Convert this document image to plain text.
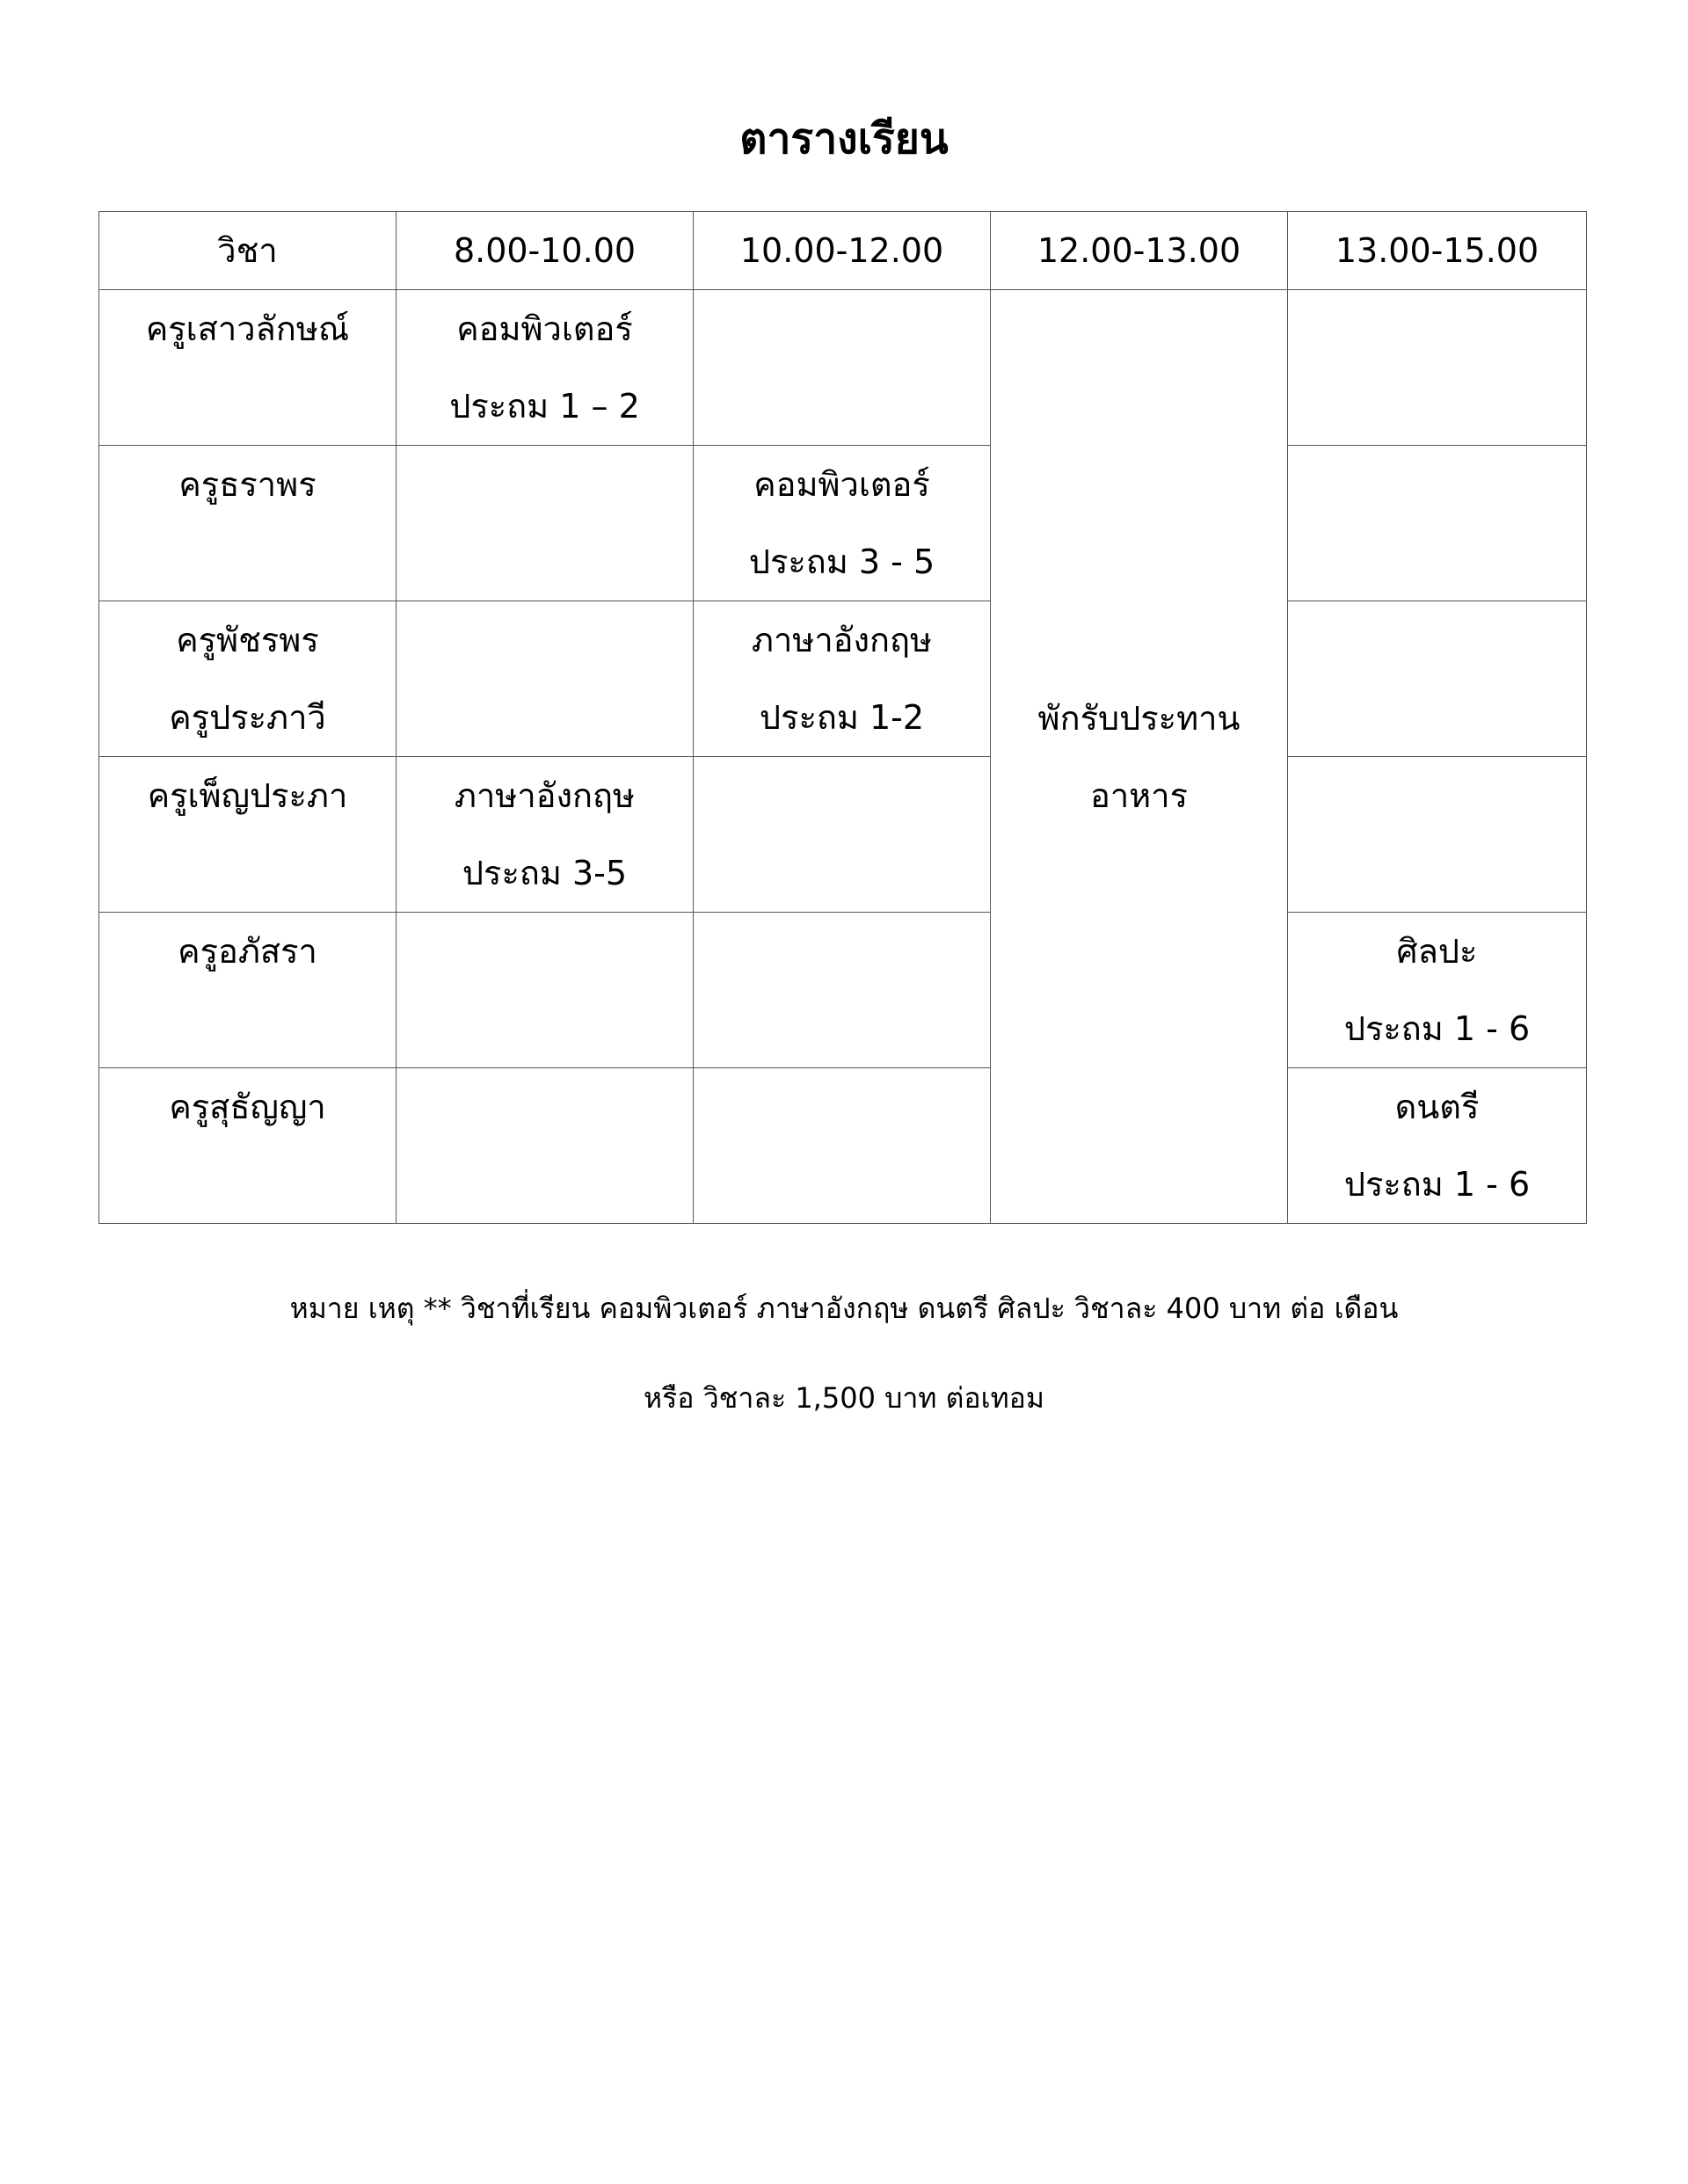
ตารางเรียน
วิชา	8.00-10.00	10.00-12.00	12.00-13.00	13.00-15.00

ครูเสาวลักษณ์	คอมพิวเตอร์
ประถม 1 – 2		พักรับประทาน
อาหาร	

ครูธราพร		คอมพิวเตอร์
ประถม 3 - 5		

ครูพัชรพร
ครูประภาวี		ภาษาอังกฤษ
ประถม 1-2		

ครูเพ็ญประภา	ภาษาอังกฤษ
ประถม 3-5			

ครูอภัสรา				ศิลปะ
ประถม 1 - 6

ครูสุธัญญา				ดนตรี
ประถม 1 - 6
หมาย เหตุ ** วิชาที่เรียน คอมพิวเตอร์ ภาษาอังกฤษ ดนตรี ศิลปะ วิชาละ 400 บาท ต่อ เดือน
หรือ วิชาละ 1,500 บาท ต่อเทอม
